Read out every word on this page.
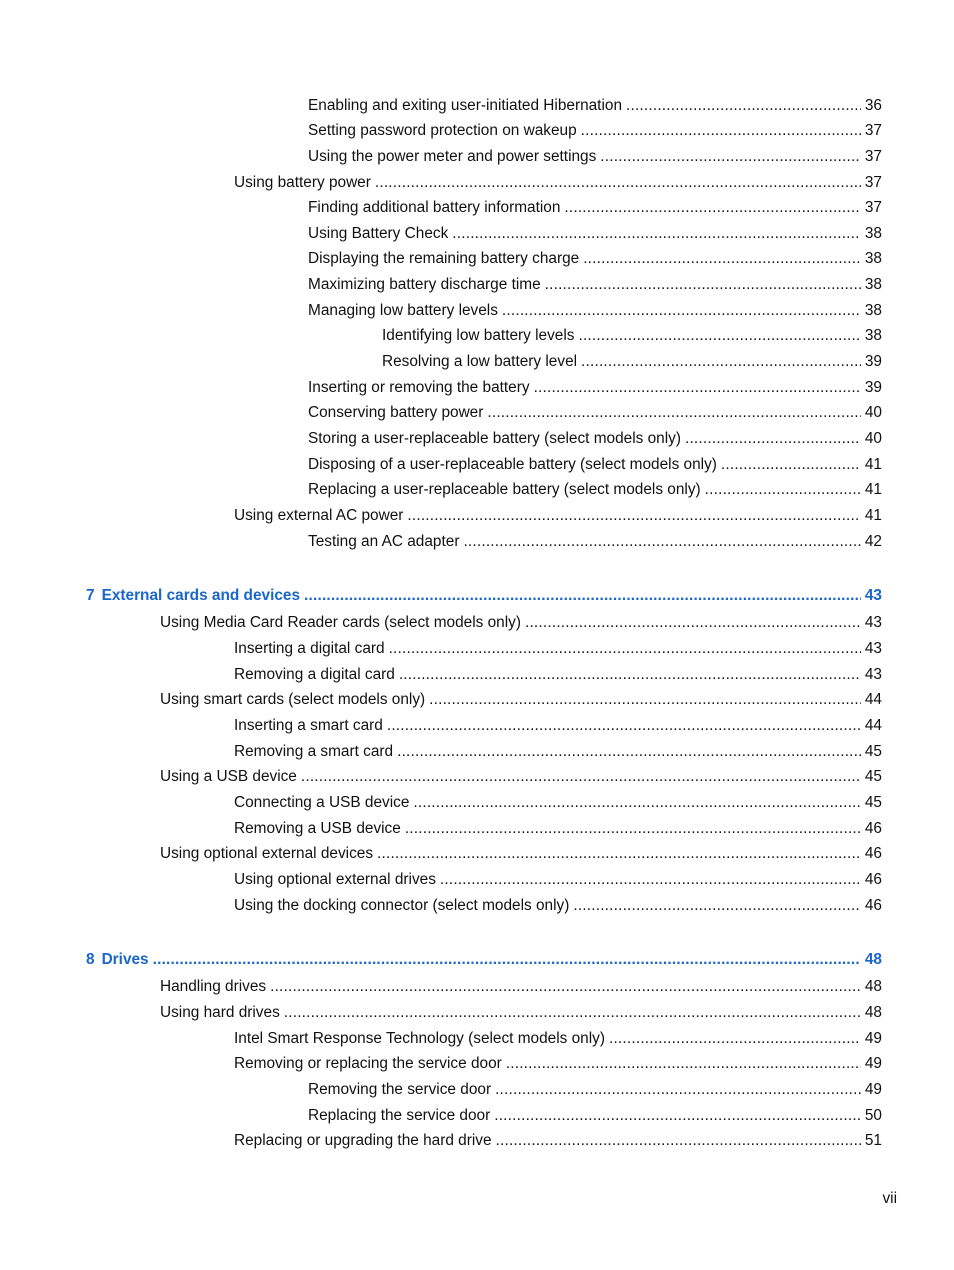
Enabling and exiting user-initiated Hibernation .....	36
Setting password protection on wakeup .....	37
Using the power meter and power settings .....	37
Using battery power .....	37
Finding additional battery information .....	37
Using Battery Check .....	38
Displaying the remaining battery charge .....	38
Maximizing battery discharge time .....	38
Managing low battery levels .....	38
Identifying low battery levels .....	38
Resolving a low battery level .....	39
Inserting or removing the battery .....	39
Conserving battery power .....	40
Storing a user-replaceable battery (select models only) .....	40
Disposing of a user-replaceable battery (select models only) .....	41
Replacing a user-replaceable battery (select models only) .....	41
Using external AC power .....	41
Testing an AC adapter .....	42
7 External cards and devices .....	43
Using Media Card Reader cards (select models only) .....	43
Inserting a digital card .....	43
Removing a digital card .....	43
Using smart cards (select models only) .....	44
Inserting a smart card .....	44
Removing a smart card .....	45
Using a USB device .....	45
Connecting a USB device .....	45
Removing a USB device .....	46
Using optional external devices .....	46
Using optional external drives .....	46
Using the docking connector (select models only) .....	46
8 Drives .....	48
Handling drives .....	48
Using hard drives .....	48
Intel Smart Response Technology (select models only) .....	49
Removing or replacing the service door .....	49
Removing the service door .....	49
Replacing the service door .....	50
Replacing or upgrading the hard drive .....	51
vii
